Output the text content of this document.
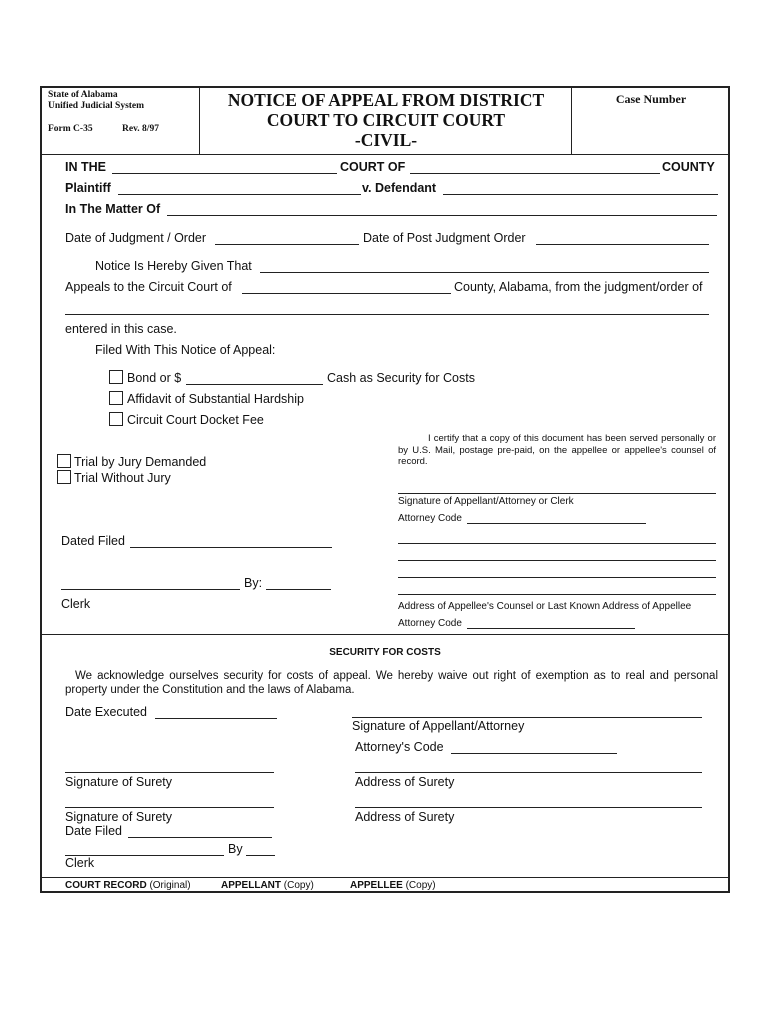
State of Alabama
Unified Judicial System
Form C-35	Rev. 8/97
NOTICE OF APPEAL FROM DISTRICT
COURT TO CIRCUIT COURT
-CIVIL-
Case Number
IN THE	COURT OF	COUNTY
Plaintiff	v. Defendant
In The Matter Of
Date of Judgment / Order	Date of Post Judgment Order
Notice Is Hereby Given That
Appeals to the Circuit Court of	County, Alabama, from the judgment/order of
entered in this case.
Filed With This Notice of Appeal:
Bond or $	Cash as Security for Costs
Affidavit of Substantial Hardship
Circuit Court Docket Fee
I certify that a copy of this document has been served personally or by U.S. Mail, postage pre-paid, on the appellee or appellee's counsel of record.
Trial by Jury Demanded
Trial Without Jury
Signature of Appellant/Attorney or Clerk
Attorney Code
Address of Appellee's Counsel or Last Known Address of Appellee
Attorney Code
Dated Filed
By:
Clerk
SECURITY FOR COSTS
We acknowledge ourselves security for costs of appeal. We hereby waive out right of exemption as to real and personal property under the Constitution and the laws of Alabama.
Date Executed
Signature of Appellant/Attorney
Attorney's Code
Signature of Surety	Address of Surety
Signature of Surety	Address of Surety
Date Filed
By
Clerk
COURT RECORD (Original)	APPELLANT (Copy)	APPELLEE (Copy)
